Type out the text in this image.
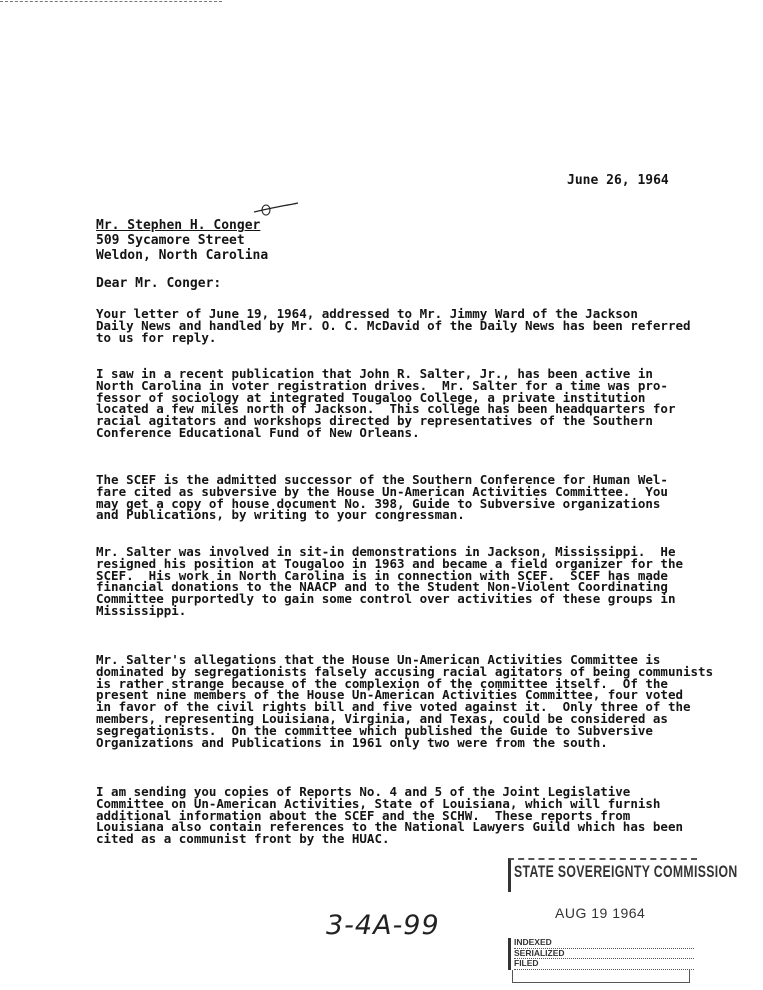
June 26, 1964
Mr. Stephen H. Conger
509 Sycamore Street
Weldon, North Carolina
Dear Mr. Conger:
Your letter of June 19, 1964, addressed to Mr. Jimmy Ward of the Jackson
Daily News and handled by Mr. O. C. McDavid of the Daily News has been referred
to us for reply.
I saw in a recent publication that John R. Salter, Jr., has been active in
North Carolina in voter registration drives.  Mr. Salter for a time was pro-
fessor of sociology at integrated Tougaloo College, a private institution
located a few miles north of Jackson.  This college has been headquarters for
racial agitators and workshops directed by representatives of the Southern
Conference Educational Fund of New Orleans.
The SCEF is the admitted successor of the Southern Conference for Human Wel-
fare cited as subversive by the House Un-American Activities Committee.  You
may get a copy of house document No. 398, Guide to Subversive organizations
and Publications, by writing to your congressman.
Mr. Salter was involved in sit-in demonstrations in Jackson, Mississippi.  He
resigned his position at Tougaloo in 1963 and became a field organizer for the
SCEF.  His work in North Carolina is in connection with SCEF.  SCEF has made
financial donations to the NAACP and to the Student Non-Violent Coordinating
Committee purportedly to gain some control over activities of these groups in
Mississippi.
Mr. Salter's allegations that the House Un-American Activities Committee is
dominated by segregationists falsely accusing racial agitators of being communists
is rather strange because of the complexion of the committee itself.  Of the
present nine members of the House Un-American Activities Committee, four voted
in favor of the civil rights bill and five voted against it.  Only three of the
members, representing Louisiana, Virginia, and Texas, could be considered as
segregationists.  On the committee which published the Guide to Subversive
Organizations and Publications in 1961 only two were from the south.
I am sending you copies of Reports No. 4 and 5 of the Joint Legislative
Committee on Un-American Activities, State of Louisiana, which will furnish
additional information about the SCEF and the SCHW.  These reports from
Louisiana also contain references to the National Lawyers Guild which has been
cited as a communist front by the HUAC.
3-4A-99
STATE SOVEREIGNTY COMMISSION
AUG 19 1964
INDEXED
SERIALIZED
FILED
